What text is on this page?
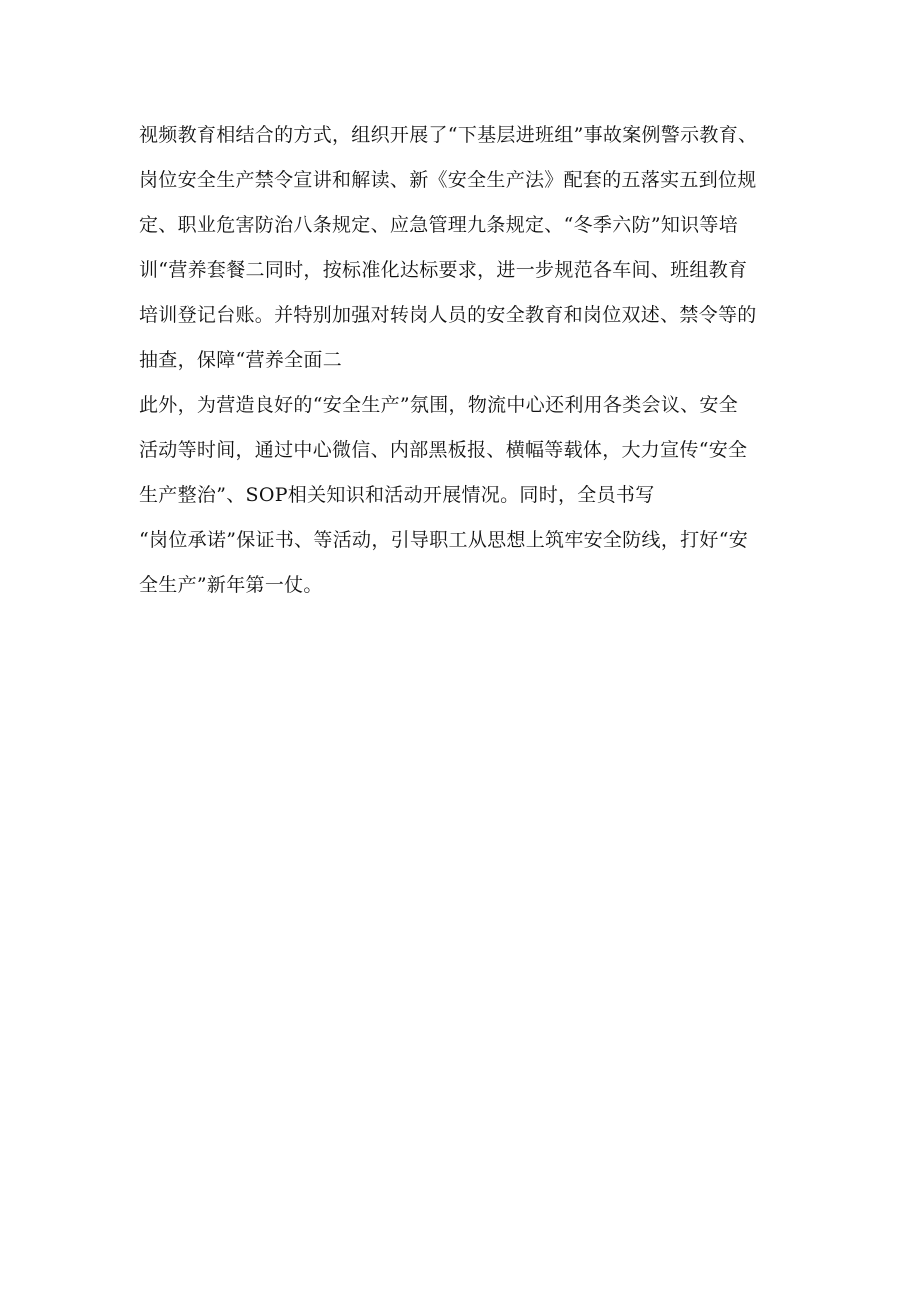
视频教育相结合的方式，组织开展了“下基层进班组”事故案例警示教育、
岗位安全生产禁令宣讲和解读、新《安全生产法》配套的五落实五到位规
定、职业危害防治八条规定、应急管理九条规定、“冬季六防”知识等培
训“营养套餐二同时，按标准化达标要求，进一步规范各车间、班组教育
培训登记台账。并特别加强对转岗人员的安全教育和岗位双述、禁令等的
抽查，保障“营养全面二
此外，为营造良好的“安全生产”氛围，物流中心还利用各类会议、安全
活动等时间，通过中心微信、内部黑板报、横幅等载体，大力宣传“安全
生产整治”、SOP相关知识和活动开展情况。同时，全员书写
“岗位承诺”保证书、等活动，引导职工从思想上筑牢安全防线，打好“安
全生产”新年第一仗。
